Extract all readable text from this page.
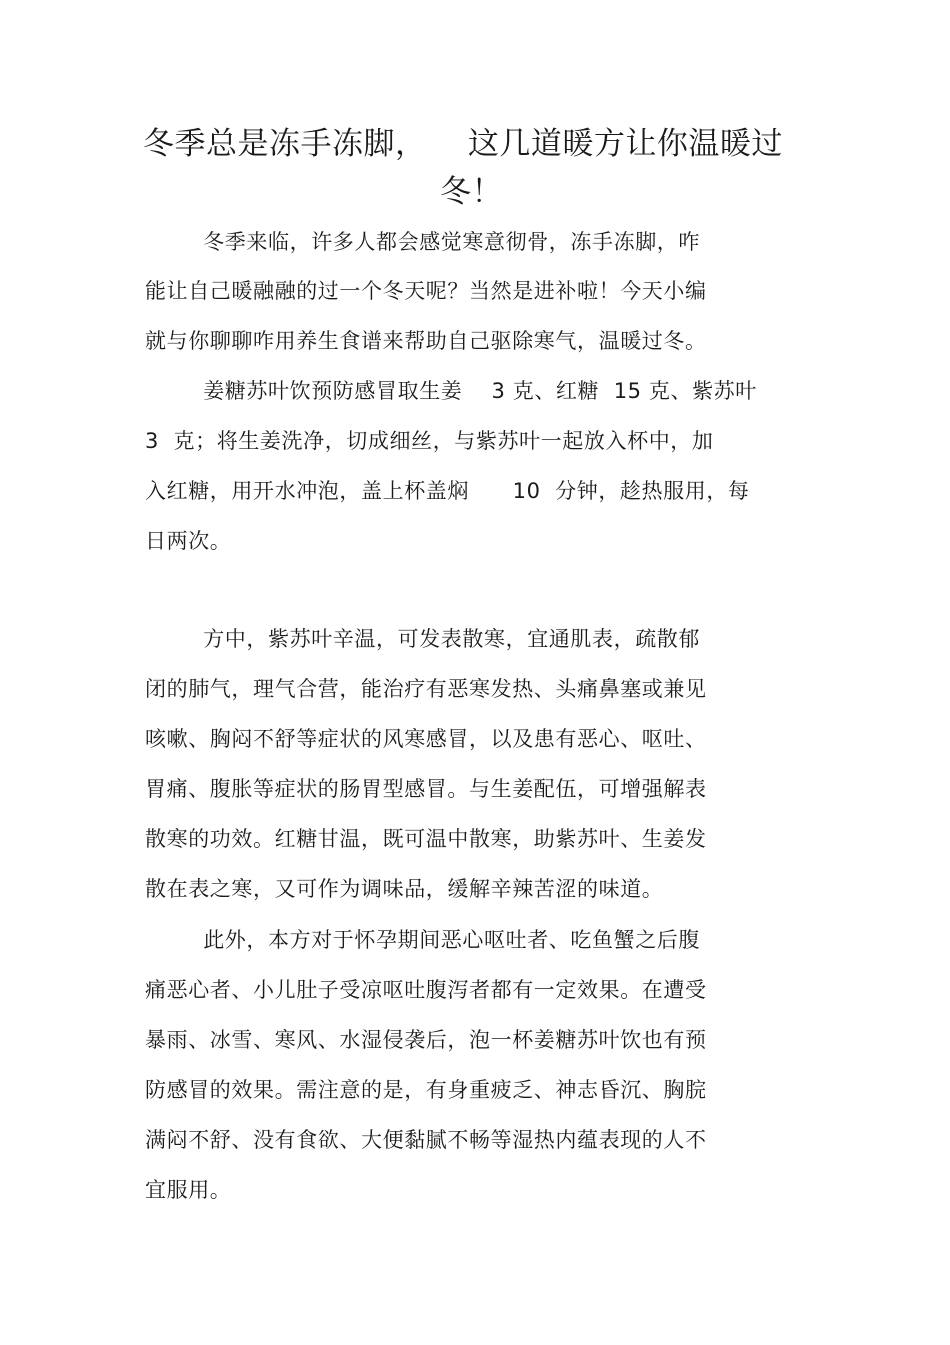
冬季总是冻手冻脚，    这几道暖方让你温暖过
冬！
冬季来临，许多人都会感觉寒意彻骨，冻手冻脚，咋
能让自己暖融融的过一个冬天呢？当然是进补啦！今天小编
就与你聊聊咋用养生食谱来帮助自己驱除寒气，温暖过冬。
姜糖苏叶饮预防感冒取生姜    3 克、红糖  15 克、紫苏叶
3  克；将生姜洗净，切成细丝，与紫苏叶一起放入杯中，加
入红糖，用开水冲泡，盖上杯盖焖      10  分钟，趁热服用，每
日两次。
方中，紫苏叶辛温，可发表散寒，宜通肌表，疏散郁
闭的肺气，理气合营，能治疗有恶寒发热、头痛鼻塞或兼见
咳嗽、胸闷不舒等症状的风寒感冒，以及患有恶心、呕吐、
胃痛、腹胀等症状的肠胃型感冒。与生姜配伍，可增强解表
散寒的功效。红糖甘温，既可温中散寒，助紫苏叶、生姜发
散在表之寒，又可作为调味品，缓解辛辣苦涩的味道。
此外，本方对于怀孕期间恶心呕吐者、吃鱼蟹之后腹
痛恶心者、小儿肚子受凉呕吐腹泻者都有一定效果。在遭受
暴雨、冰雪、寒风、水湿侵袭后，泡一杯姜糖苏叶饮也有预
防感冒的效果。需注意的是，有身重疲乏、神志昏沉、胸脘
满闷不舒、没有食欲、大便黏腻不畅等湿热内蕴表现的人不
宜服用。
